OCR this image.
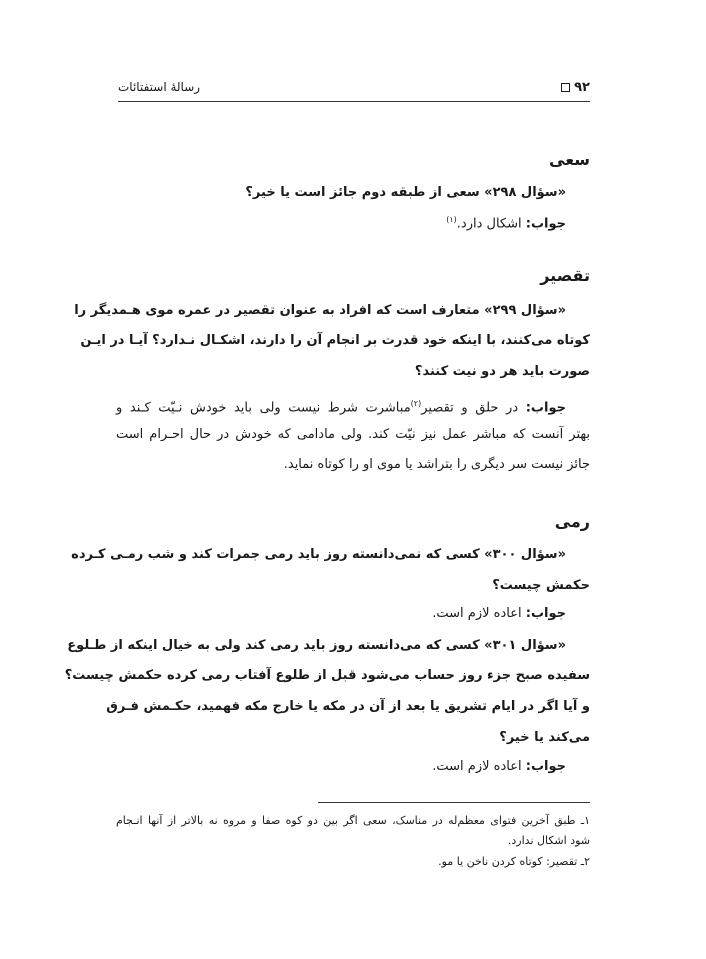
۹۲
رسالۀ استفتائات
سعی
«سؤال ۲۹۸» سعی از طبقه دوم جائز است یا خیر؟
جواب: اشکال دارد.$^{(۱)}$
تقصیر
«سؤال ۲۹۹» متعارف است که افراد به عنوان تقصیر در عمره موی هـمدیگر را
کوتاه می‌کنند، با اینکه خود قدرت بر انجام آن را دارند، اشکـال نـدارد؟ آیـا در ایـن
صورت باید هر دو نیت کنند؟
جواب: در حلق و تقصیر$^{(۲)}$مباشرت شرط نیست ولی باید خودش نـیّت کـند و
بهتر آنست که مباشر عمل نیز نیّت کند. ولی مادامی که خودش در حال احـرام است
جائز نیست سر دیگری را بتراشد یا موی او را کوتاه نماید.
رمی
«سؤال ۳۰۰» کسی که نمی‌دانسته روز باید رمی جمرات کند و شب رمـی کـرده
حکمش چیست؟
جواب: اعاده لازم است.
«سؤال ۳۰۱» کسی که می‌دانسته روز باید رمی کند ولی به خیال اینکه از طـلوع
سفیده صبح جزء روز حساب می‌شود قبل از طلوع آفتاب رمی کرده حکمش چیست؟
و آیا اگر در ایام تشریق یا بعد از آن در مکه یا خارج مکه فهمید، حکـمش فـرق
می‌کند یا خیر؟
جواب: اعاده لازم است.
۱ـ طبق آخرین فتوای معظم‌له در مناسک، سعی اگر بین دو کوه صفا و مروه نه بالاتر از آنها انـجام
شود اشکال ندارد.
۲ـ تقصیر: کوتاه کردن ناخن یا مو.
